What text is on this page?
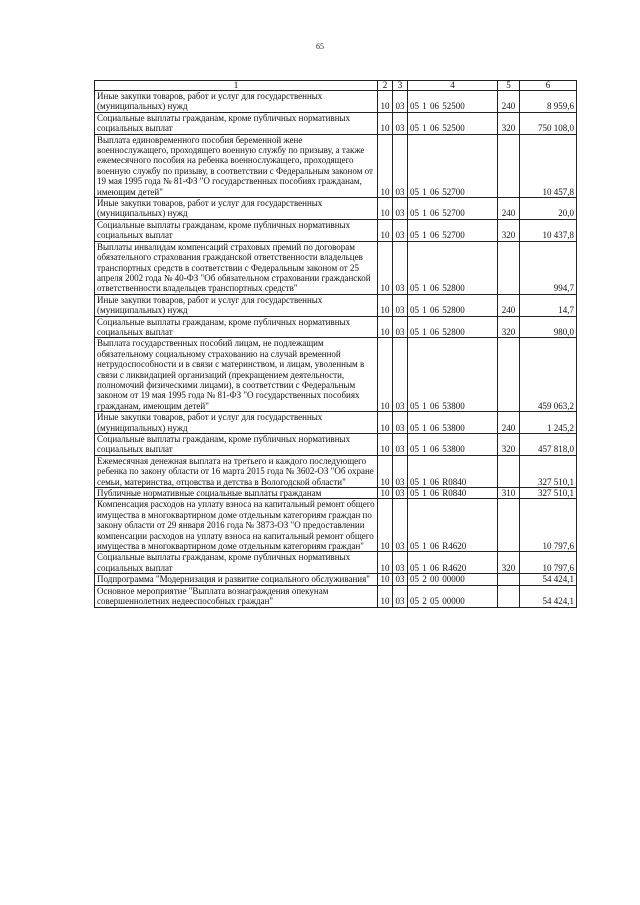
65
1	2	3	4	5	6
Иные закупки товаров, работ и услуг для государственных (муниципальных) нужд	10	03	05 1 06 52500	240	8 959,6
Социальные выплаты гражданам, кроме публичных нормативных социальных выплат	10	03	05 1 06 52500	320	750 108,0
Выплата единовременного пособия беременной жене военнослужащего, проходящего военную службу по призыву, а также ежемесячного пособия на ребенка военнослужащего, проходящего военную службу по призыву, в соответствии с Федеральным законом от 19 мая 1995 года № 81-ФЗ "О государственных пособиях гражданам, имеющим детей"	10	03	05 1 06 52700		10 457,8
Иные закупки товаров, работ и услуг для государственных (муниципальных) нужд	10	03	05 1 06 52700	240	20,0
Социальные выплаты гражданам, кроме публичных нормативных социальных выплат	10	03	05 1 06 52700	320	10 437,8
Выплаты инвалидам компенсаций страховых премий по договорам обязательного страхования гражданской ответственности владельцев транспортных средств в соответствии с Федеральным законом от 25 апреля 2002 года № 40-ФЗ "Об обязательном страховании гражданской ответственности владельцев транспортных средств"	10	03	05 1 06 52800		994,7
Иные закупки товаров, работ и услуг для государственных (муниципальных) нужд	10	03	05 1 06 52800	240	14,7
Социальные выплаты гражданам, кроме публичных нормативных социальных выплат	10	03	05 1 06 52800	320	980,0
Выплата государственных пособий лицам, не подлежащим обязательному социальному страхованию на случай временной нетрудоспособности и в связи с материнством, и лицам, уволенным в связи с ликвидацией организаций (прекращением деятельности, полномочий физическими лицами), в соответствии с Федеральным законом от 19 мая 1995 года № 81-ФЗ "О государственных пособиях гражданам, имеющим детей"	10	03	05 1 06 53800		459 063,2
Иные закупки товаров, работ и услуг для государственных (муниципальных) нужд	10	03	05 1 06 53800	240	1 245,2
Социальные выплаты гражданам, кроме публичных нормативных социальных выплат	10	03	05 1 06 53800	320	457 818,0
Ежемесячная денежная выплата на третьего и каждого последующего ребенка по закону области от 16 марта 2015 года № 3602-ОЗ "Об охране семьи, материнства, отцовства и детства в Вологодской области"	10	03	05 1 06 R0840		327 510,1
Публичные нормативные социальные выплаты гражданам	10	03	05 1 06 R0840	310	327 510,1
Компенсация расходов на уплату взноса на капитальный ремонт общего имущества в многоквартирном доме отдельным категориям граждан по закону области от 29 января 2016 года № 3873-ОЗ "О предоставлении компенсации расходов на уплату взноса на капитальный ремонт общего имущества в многоквартирном доме отдельным категориям граждан"	10	03	05 1 06 R4620		10 797,6
Социальные выплаты гражданам, кроме публичных нормативных социальных выплат	10	03	05 1 06 R4620	320	10 797,6
Подпрограмма "Модернизация и развитие социального обслуживания"	10	03	05 2 00 00000		54 424,1
Основное мероприятие "Выплата вознаграждения опекунам совершеннолетних недееспособных граждан"	10	03	05 2 05 00000		54 424,1
